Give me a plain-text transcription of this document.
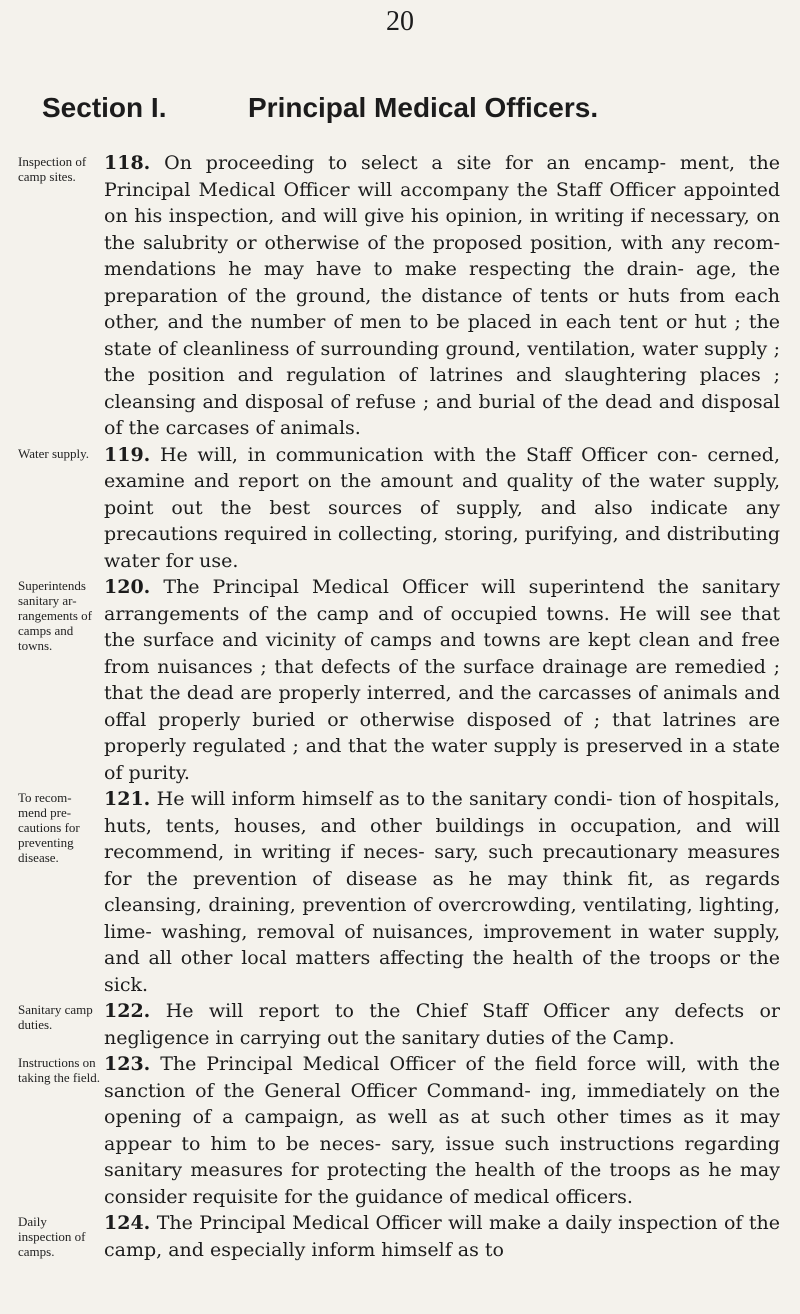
20
Section I.	Principal Medical Officers.
Inspection of camp sites.
118. On proceeding to select a site for an encamp- ment, the Principal Medical Officer will accompany the Staff Officer appointed on his inspection, and will give his opinion, in writing if necessary, on the salubrity or otherwise of the proposed position, with any recom- mendations he may have to make respecting the drain- age, the preparation of the ground, the distance of tents or huts from each other, and the number of men to be placed in each tent or hut ; the state of cleanliness of surrounding ground, ventilation, water supply ; the position and regulation of latrines and slaughtering places ; cleansing and disposal of refuse ; and burial of the dead and disposal of the carcases of animals.
Water supply. 119. He will, in communication with the Staff Officer con- cerned, examine and report on the amount and quality of the water supply, point out the best sources of supply, and also indicate any precautions required in collecting, storing, purifying, and distributing water for use.
Superintends sanitary ar- rangements of camps and towns.
120. The Principal Medical Officer will superintend the sanitary arrangements of the camp and of occupied towns. He will see that the surface and vicinity of camps and towns are kept clean and free from nuisances ; that defects of the surface drainage are remedied ; that the dead are properly interred, and the carcasses of animals and offal properly buried or otherwise disposed of ; that latrines are properly regulated ; and that the water supply is preserved in a state of purity.
To recom- mend pre- cautions for preventing disease.
121. He will inform himself as to the sanitary condi- tion of hospitals, huts, tents, houses, and other buildings in occupation, and will recommend, in writing if neces- sary, such precautionary measures for the prevention of disease as he may think fit, as regards cleansing, draining, prevention of overcrowding, ventilating, lighting, lime- washing, removal of nuisances, improvement in water supply, and all other local matters affecting the health of the troops or the sick.
Sanitary camp duties.
122. He will report to the Chief Staff Officer any defects or negligence in carrying out the sanitary duties of the Camp.
Instructions on taking the field.
123. The Principal Medical Officer of the field force will, with the sanction of the General Officer Command- ing, immediately on the opening of a campaign, as well as at such other times as it may appear to him to be neces- sary, issue such instructions regarding sanitary measures for protecting the health of the troops as he may consider requisite for the guidance of medical officers.
Daily inspection of camps.
124. The Principal Medical Officer will make a daily inspection of the camp, and especially inform himself as to
